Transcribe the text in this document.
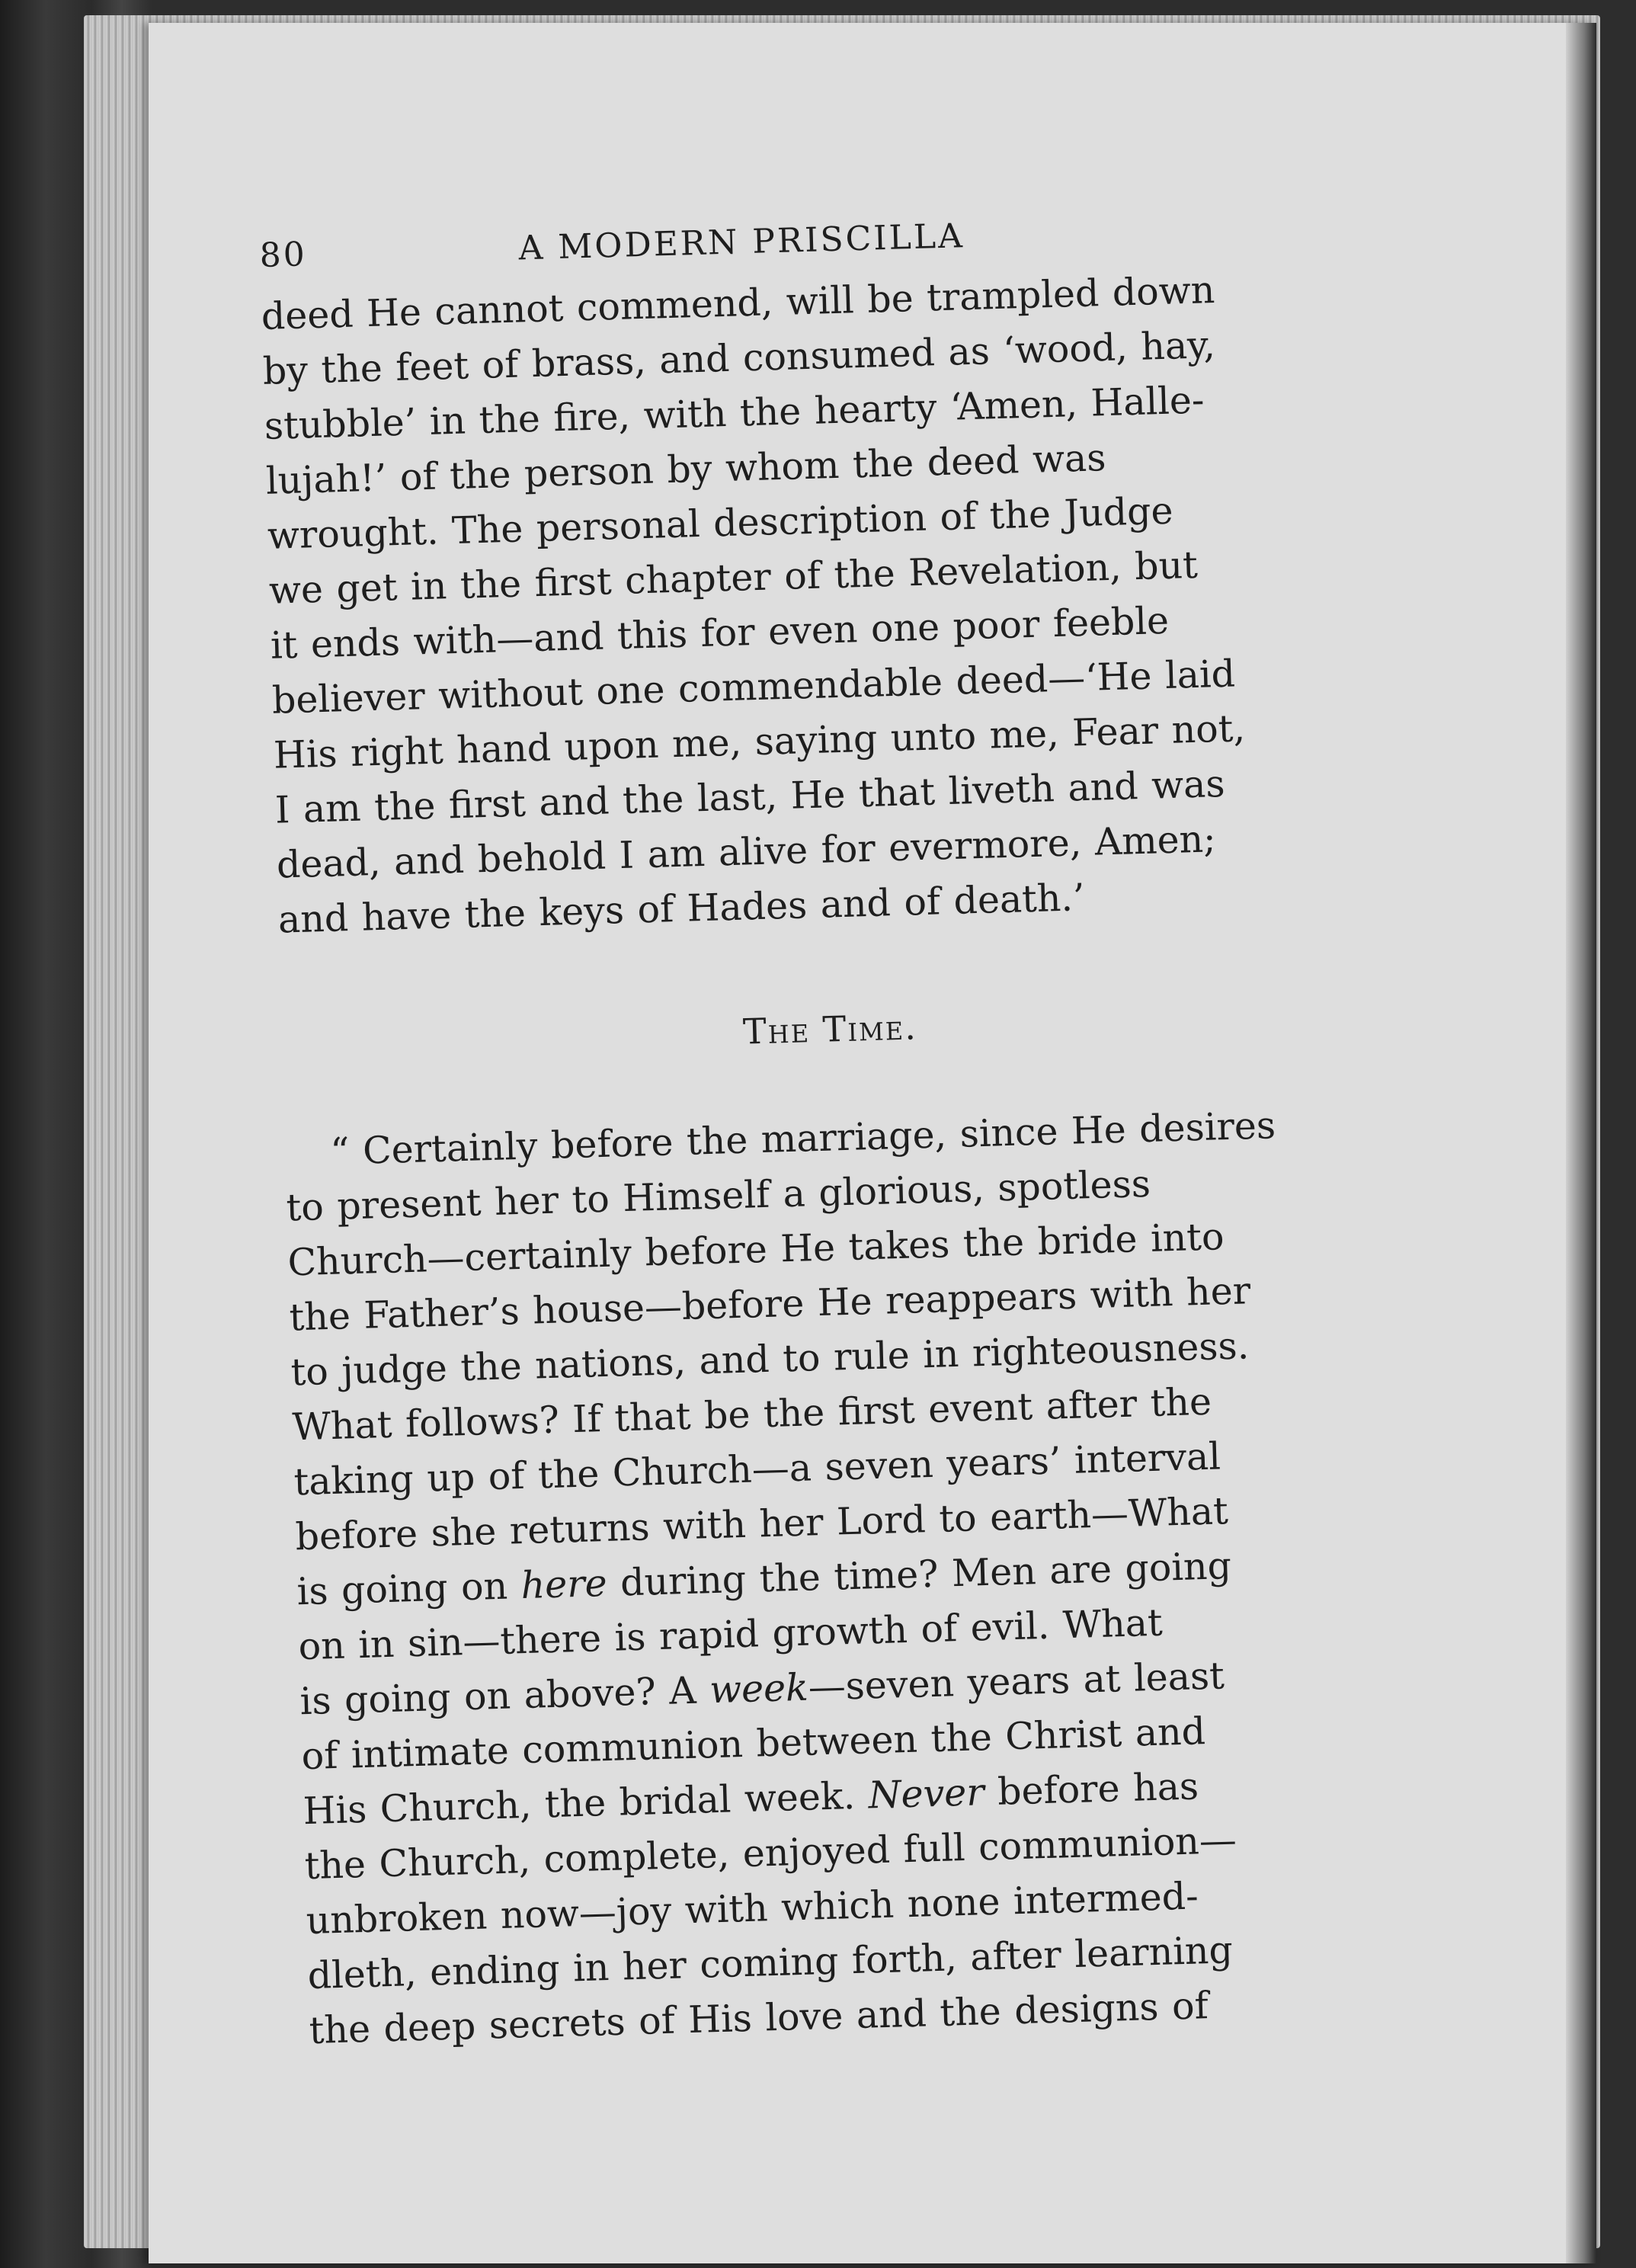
80	A MODERN PRISCILLA

deed He cannot commend, will be trampled down
by the feet of brass, and consumed as ‘wood, hay,
stubble’ in the fire, with the hearty ‘Amen, Halle-
lujah!’ of the person by whom the deed was
wrought. The personal description of the Judge
we get in the first chapter of the Revelation, but
it ends with—and this for even one poor feeble
believer without one commendable deed—‘He laid
His right hand upon me, saying unto me, Fear not,
I am the first and the last, He that liveth and was
dead, and behold I am alive for evermore, Amen;
and have the keys of Hades and of death.’

The Time.

“ Certainly before the marriage, since He desires
to present her to Himself a glorious, spotless
Church—certainly before He takes the bride into
the Father’s house—before He reappears with her
to judge the nations, and to rule in righteousness.
What follows? If that be the first event after the
taking up of the Church—a seven years’ interval
before she returns with her Lord to earth—What
is going on here during the time? Men are going
on in sin—there is rapid growth of evil. What
is going on above? A week—seven years at least
of intimate communion between the Christ and
His Church, the bridal week. Never before has
the Church, complete, enjoyed full communion—
unbroken now—joy with which none intermed-
dleth, ending in her coming forth, after learning
the deep secrets of His love and the designs of
